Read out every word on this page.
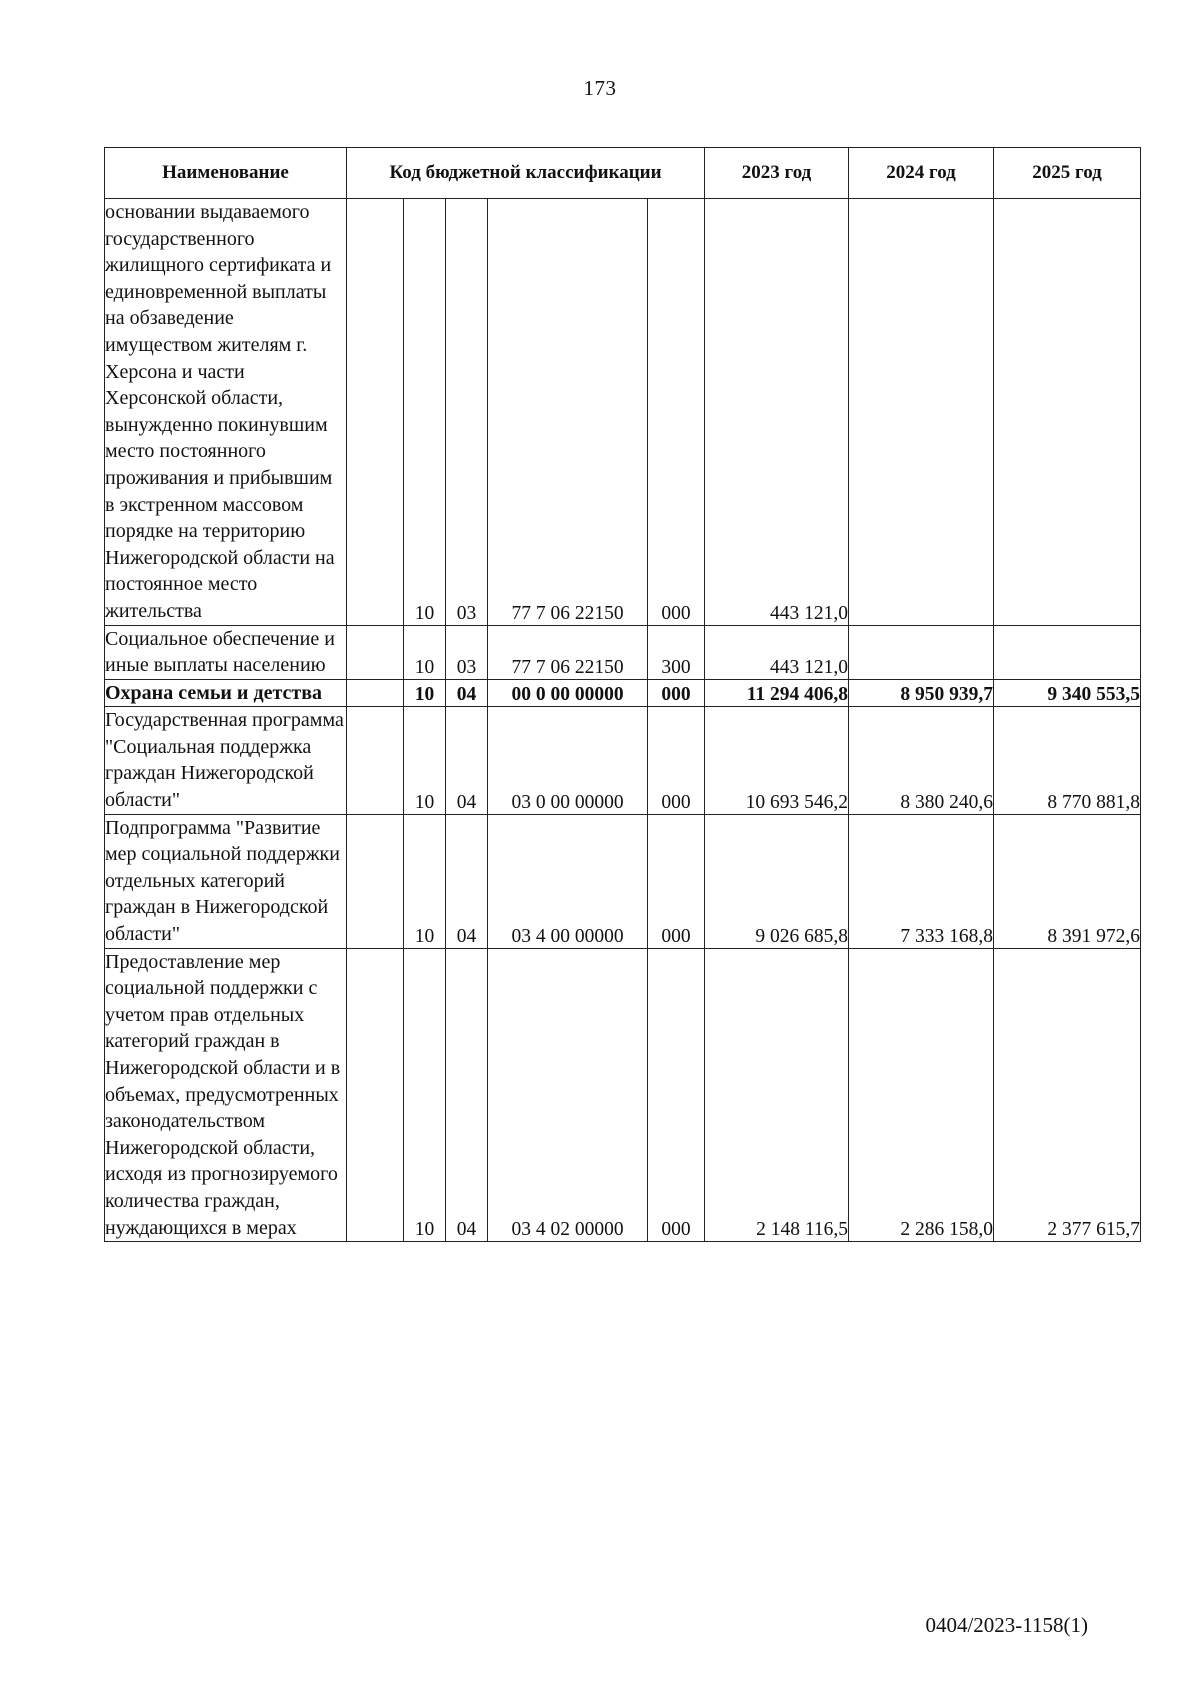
173
Наименование	Код бюджетной классификации					2023 год	2024 год	2025 год
основании выдаваемого государственного жилищного сертификата и единовременной выплаты на обзаведение имуществом жителям г. Херсона и части Херсонской области, вынужденно покинувшим место постоянного проживания и прибывшим в экстренном массовом порядке на территорию Нижегородской области на постоянное место жительства		10	03	77 7 06 22150	000	443 121,0		
Социальное обеспечение и иные выплаты населению		10	03	77 7 06 22150	300	443 121,0		
Охрана семьи и детства		10	04	00 0 00 00000	000	11 294 406,8	8 950 939,7	9 340 553,5
Государственная программа "Социальная поддержка граждан Нижегородской области"		10	04	03 0 00 00000	000	10 693 546,2	8 380 240,6	8 770 881,8
Подпрограмма "Развитие мер социальной поддержки отдельных категорий граждан в Нижегородской области"		10	04	03 4 00 00000	000	9 026 685,8	7 333 168,8	8 391 972,6
Предоставление мер социальной поддержки с учетом прав отдельных категорий граждан в Нижегородской области и в объемах, предусмотренных законодательством Нижегородской области, исходя из прогнозируемого количества граждан, нуждающихся в мерах		10	04	03 4 02 00000	000	2 148 116,5	2 286 158,0	2 377 615,7
0404/2023-1158(1)
